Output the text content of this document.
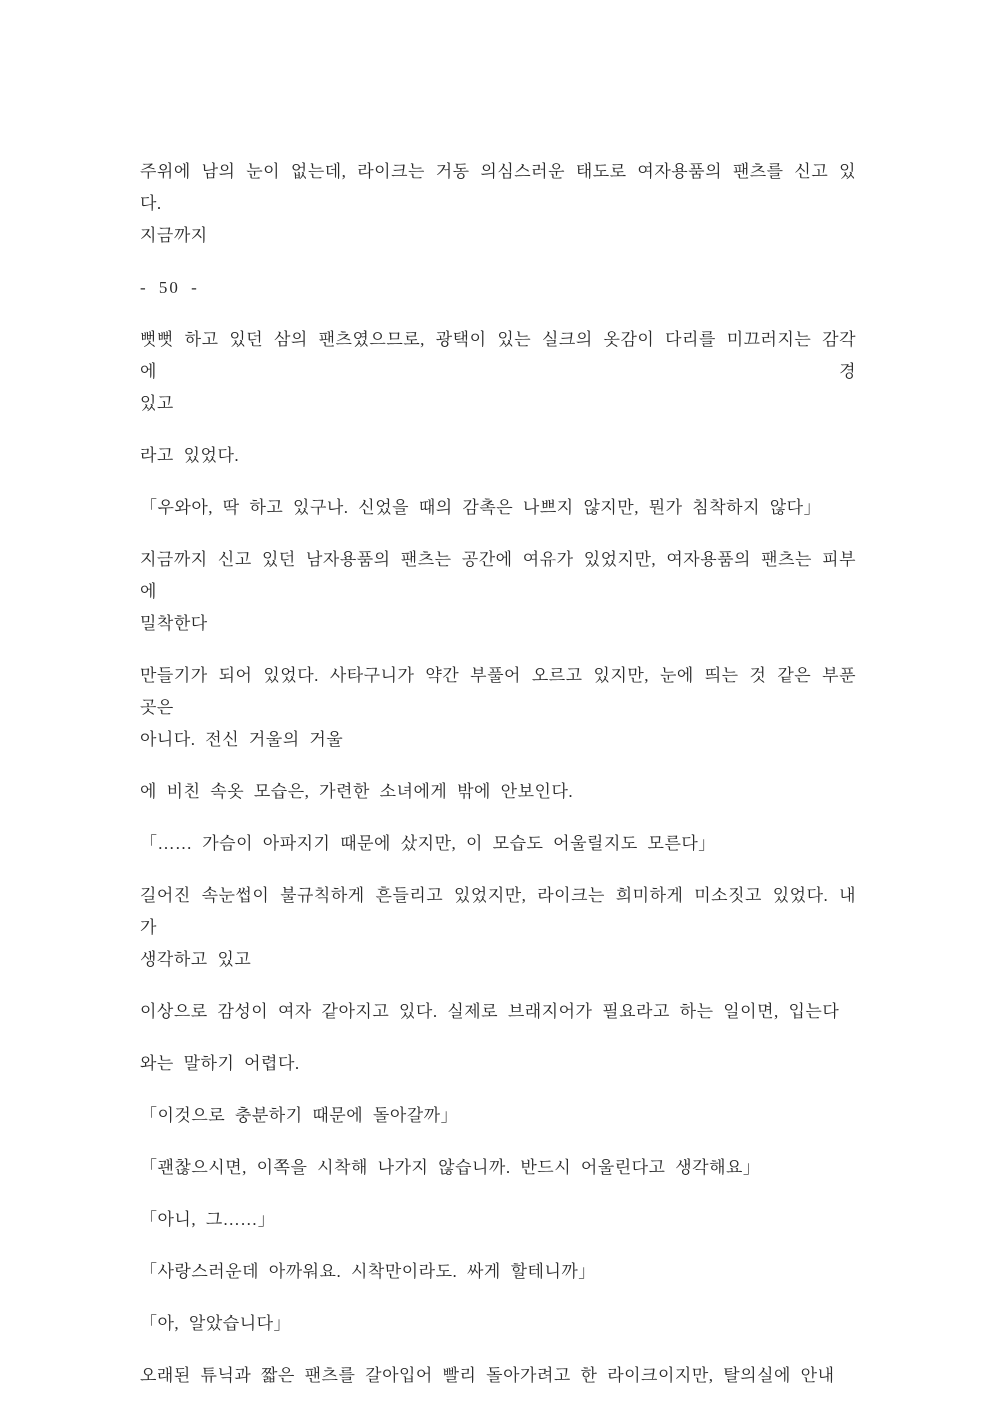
주위에 남의 눈이 없는데, 라이크는 거동 의심스러운 태도로 여자용품의 팬츠를 신고 있다.
지금까지
- 50 -
뻣뻣 하고 있던 삼의 팬츠였으므로, 광택이 있는 실크의 옷감이 다리를 미끄러지는 감각에 경
있고
라고 있었다.
「우와아, 딱 하고 있구나. 신었을 때의 감촉은 나쁘지 않지만, 뭔가 침착하지 않다」
지금까지 신고 있던 남자용품의 팬츠는 공간에 여유가 있었지만, 여자용품의 팬츠는 피부에
밀착한다
만들기가 되어 있었다. 사타구니가 약간 부풀어 오르고 있지만, 눈에 띄는 것 같은 부푼 곳은
아니다. 전신 거울의 거울
에 비친 속옷 모습은, 가련한 소녀에게 밖에 안보인다.
「…… 가슴이 아파지기 때문에 샀지만, 이 모습도 어울릴지도 모른다」
길어진 속눈썹이 불규칙하게 흔들리고 있었지만, 라이크는 희미하게 미소짓고 있었다. 내가
생각하고 있고
이상으로 감성이 여자 같아지고 있다. 실제로 브래지어가 필요라고 하는 일이면, 입는다
와는 말하기 어렵다.
「이것으로 충분하기 때문에 돌아갈까」
「괜찮으시면, 이쪽을 시착해 나가지 않습니까. 반드시 어울린다고 생각해요」
「아니, 그……」
「사랑스러운데 아까워요. 시착만이라도. 싸게 할테니까」
「아, 알았습니다」
오래된 튜닉과 짧은 팬츠를 갈아입어 빨리 돌아가려고 한 라이크이지만, 탈의실에 안내
